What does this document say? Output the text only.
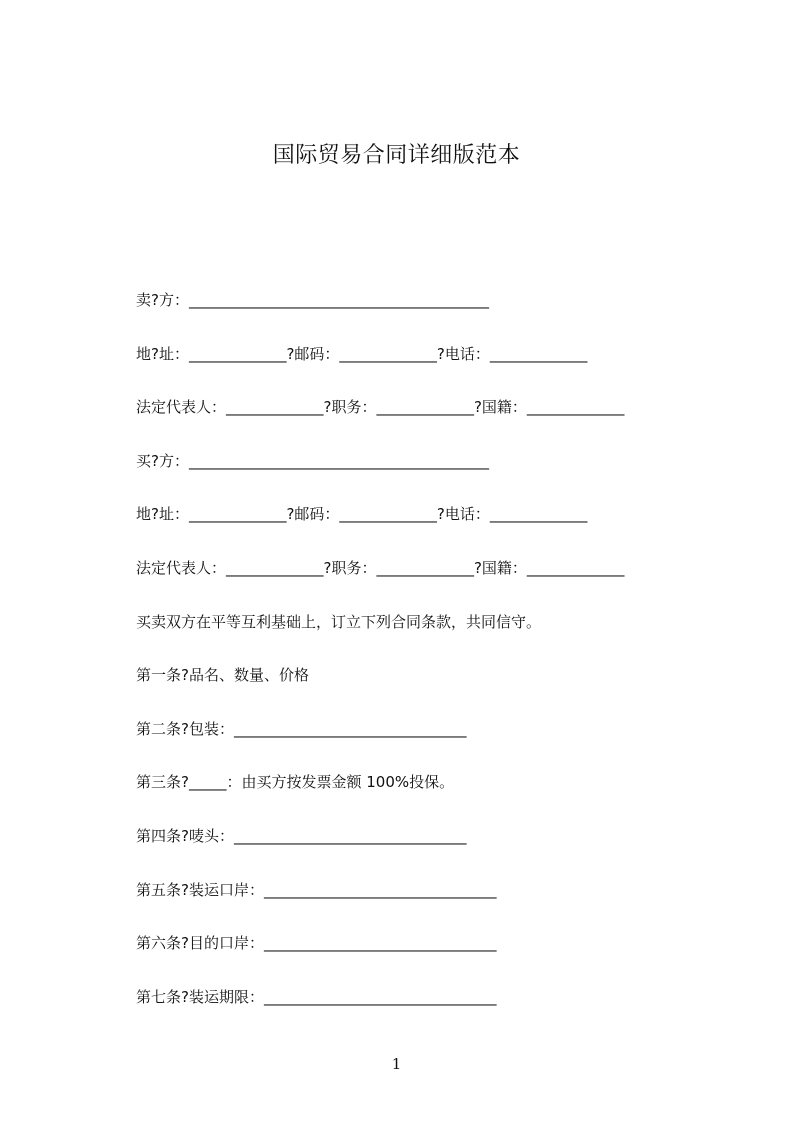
国际贸易合同详细版范本
卖?方：________________________________________
地?址：_____________?邮码：_____________?电话：_____________
法定代表人：_____________?职务：_____________?国籍：_____________
买?方：________________________________________
地?址：_____________?邮码：_____________?电话：_____________
法定代表人：_____________?职务：_____________?国籍：_____________
买卖双方在平等互利基础上，订立下列合同条款，共同信守。
第一条?品名、数量、价格
第二条?包装：_______________________________
第三条?_____：由买方按发票金额 100%投保。
第四条?唛头：_______________________________
第五条?装运口岸：_______________________________
第六条?目的口岸：_______________________________
第七条?装运期限：_______________________________
1
